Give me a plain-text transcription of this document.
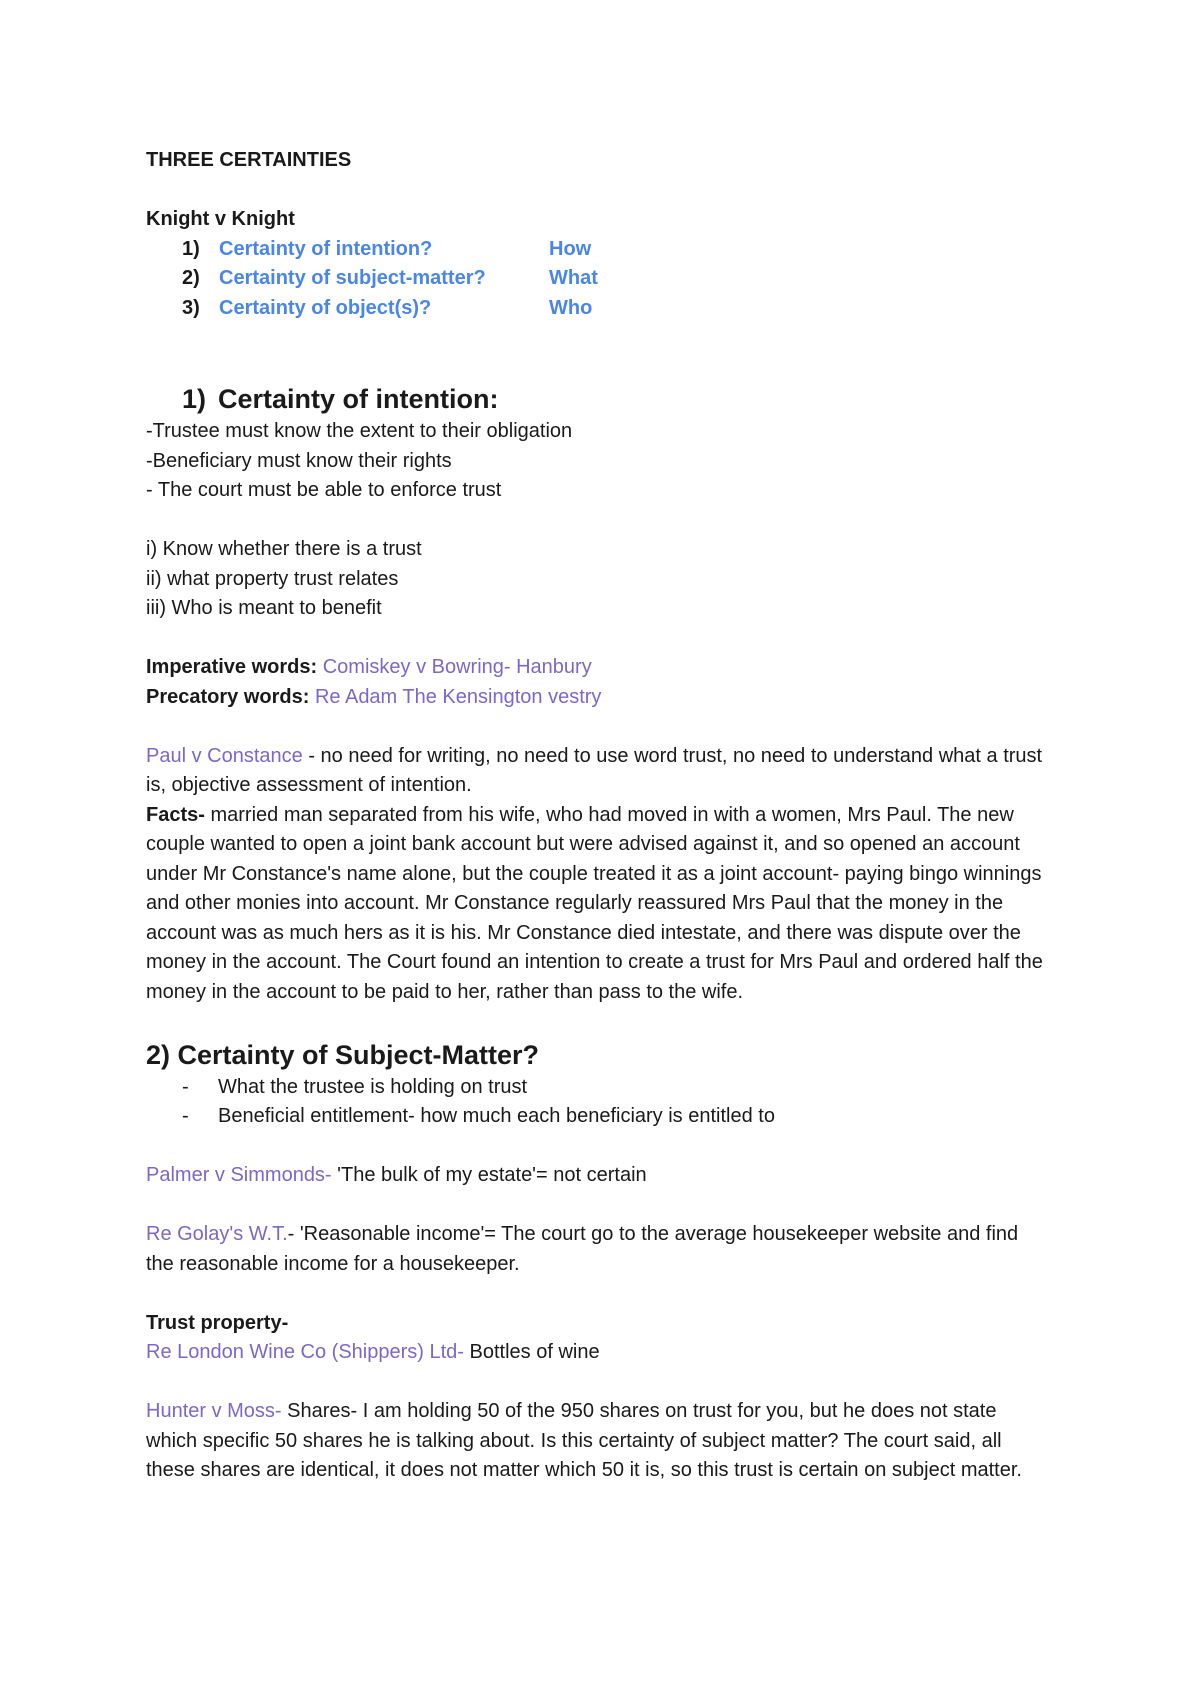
THREE CERTAINTIES

Knight v Knight

1) Certainty of intention?	How
2) Certainty of subject-matter?	What
3) Certainty of object(s)?	Who

1) Certainty of intention:

-Trustee must know the extent to their obligation

-Beneficiary must know their rights

- The court must be able to enforce trust

i) Know whether there is a trust

ii) what property trust relates

iii) Who is meant to benefit

Imperative words: Comiskey v Bowring- Hanbury

Precatory words: Re Adam The Kensington vestry

Paul v Constance - no need for writing, no need to use word trust, no need to understand what a trust is, objective assessment of intention.

Facts- married man separated from his wife, who had moved in with a women, Mrs Paul. The new couple wanted to open a joint bank account but were advised against it, and so opened an account under Mr Constance's name alone, but the couple treated it as a joint account- paying bingo winnings and other monies into account. Mr Constance regularly reassured Mrs Paul that the money in the account was as much hers as it is his. Mr Constance died intestate, and there was dispute over the money in the account. The Court found an intention to create a trust for Mrs Paul and ordered half the money in the account to be paid to her, rather than pass to the wife.

2) Certainty of Subject-Matter?

-	What the trustee is holding on trust
-	Beneficial entitlement- how much each beneficiary is entitled to

Palmer v Simmonds- 'The bulk of my estate'= not certain

Re Golay's W.T.- 'Reasonable income'= The court go to the average housekeeper website and find the reasonable income for a housekeeper.

Trust property-

Re London Wine Co (Shippers) Ltd- Bottles of wine

Hunter v Moss- Shares- I am holding 50 of the 950 shares on trust for you, but he does not state which specific 50 shares he is talking about. Is this certainty of subject matter? The court said, all these shares are identical, it does not matter which 50 it is, so this trust is certain on subject matter.
